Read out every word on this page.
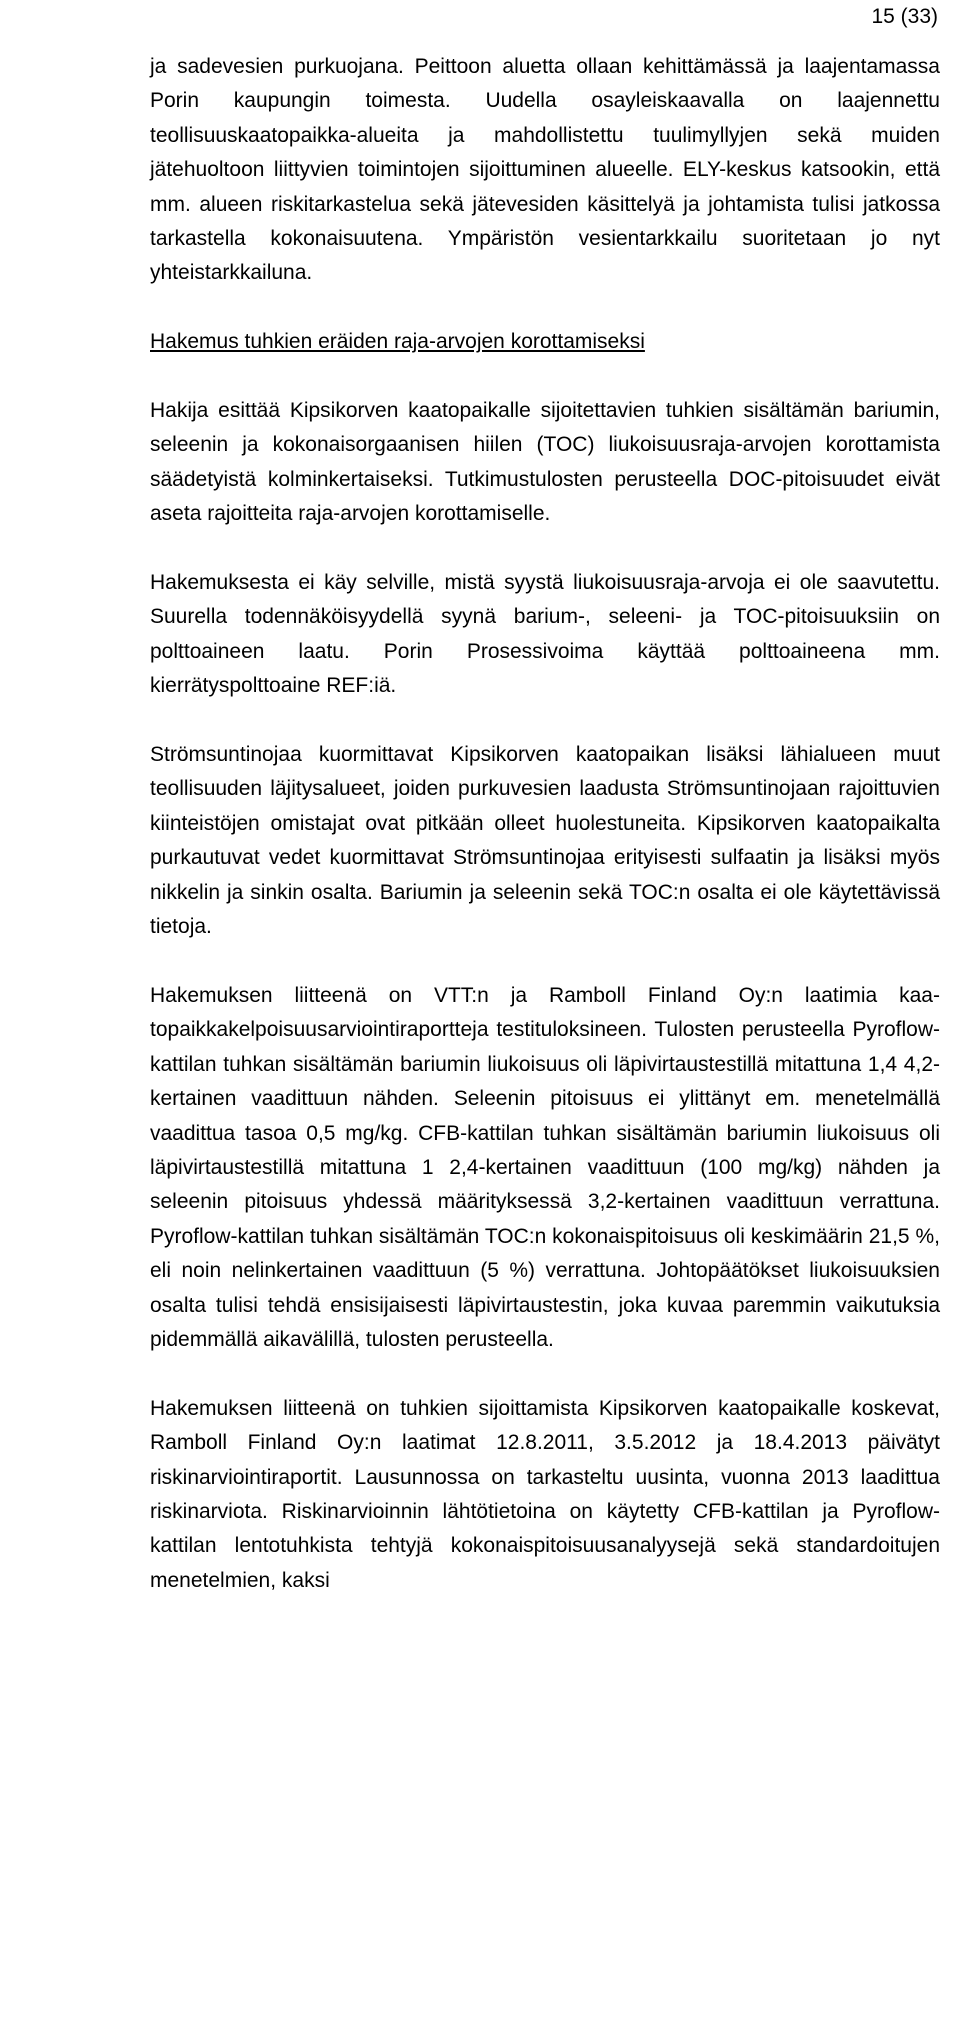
15 (33)

ja sadevesien purkuojana. Peittoon aluetta ollaan kehittämässä ja laajentamassa Porin kaupungin toimesta. Uudella osayleiskaavalla on laajennettu teollisuuskaatopaikka-alueita ja mahdollistettu tuulimyllyjen sekä muiden jätehuoltoon liittyvien toimintojen sijoittuminen alueelle. ELY-keskus katsookin, että mm. alueen riskitarkastelua sekä jätevesiden käsittelyä ja johtamista tulisi jatkossa tarkastella kokonaisuutena. Ympäristön vesientarkkailu suoritetaan jo nyt yhteistarkkailuna.

Hakemus tuhkien eräiden raja-arvojen korottamiseksi

Hakija esittää Kipsikorven kaatopaikalle sijoitettavien tuhkien sisältämän bariumin, seleenin ja kokonaisorgaanisen hiilen (TOC) liukoisuusraja-arvojen korottamista säädetyistä kolminkertaiseksi. Tutkimustulosten perusteella DOC-pitoisuudet eivät aseta rajoitteita raja-arvojen korottamiselle.

Hakemuksesta ei käy selville, mistä syystä liukoisuusraja-arvoja ei ole saavutettu. Suurella todennäköisyydellä syynä barium-, seleeni- ja TOC-pitoisuuksiin on polttoaineen laatu. Porin Prosessivoima käyttää polttoaineena mm. kierrätyspolttoaine REF:iä.

Strömsuntinojaa kuormittavat Kipsikorven kaatopaikan lisäksi lähialueen muut teollisuuden läjitysalueet, joiden purkuvesien laadusta Strömsuntinojaan rajoittuvien kiinteistöjen omistajat ovat pitkään olleet huolestuneita. Kipsikorven kaatopaikalta purkautuvat vedet kuormittavat Strömsuntinojaa erityisesti sulfaatin ja lisäksi myös nikkelin ja sinkin osalta. Bariumin ja seleenin sekä TOC:n osalta ei ole käytettävissä tietoja.

Hakemuksen liitteenä on VTT:n ja Ramboll Finland Oy:n laatimia kaatopaikkakelpoisuusarviointiraportteja testituloksineen. Tulosten perusteella Pyroflow-kattilan tuhkan sisältämän bariumin liukoisuus oli läpivirtaustestillä mitattuna 1,4 4,2-kertainen vaadittuun nähden. Seleenin pitoisuus ei ylittänyt em. menetelmällä vaadittua tasoa 0,5 mg/kg. CFB-kattilan tuhkan sisältämän bariumin liukoisuus oli läpivirtaustestillä mitattuna 1 2,4-kertainen vaadittuun (100 mg/kg) nähden ja seleenin pitoisuus yhdessä määrityksessä 3,2-kertainen vaadittuun verrattuna. Pyroflow-kattilan tuhkan sisältämän TOC:n kokonaispitoisuus oli keskimäärin 21,5 %, eli noin nelinkertainen vaadittuun (5 %) verrattuna. Johtopäätökset liukoisuuksien osalta tulisi tehdä ensisijaisesti läpivirtaustestin, joka kuvaa paremmin vaikutuksia pidemmällä aikavälillä, tulosten perusteella.

Hakemuksen liitteenä on tuhkien sijoittamista Kipsikorven kaatopaikalle koskevat, Ramboll Finland Oy:n laatimat 12.8.2011, 3.5.2012 ja 18.4.2013 päivätyt riskinarviointiraportit. Lausunnossa on tarkasteltu uusinta, vuonna 2013 laadittua riskinarviota. Riskinarvioinnin lähtötietoina on käytetty CFB-kattilan ja Pyroflow-kattilan lentotuhkista tehtyjä kokonaispitoisuusanalyysejä sekä standardoitujen menetelmien, kaksi
